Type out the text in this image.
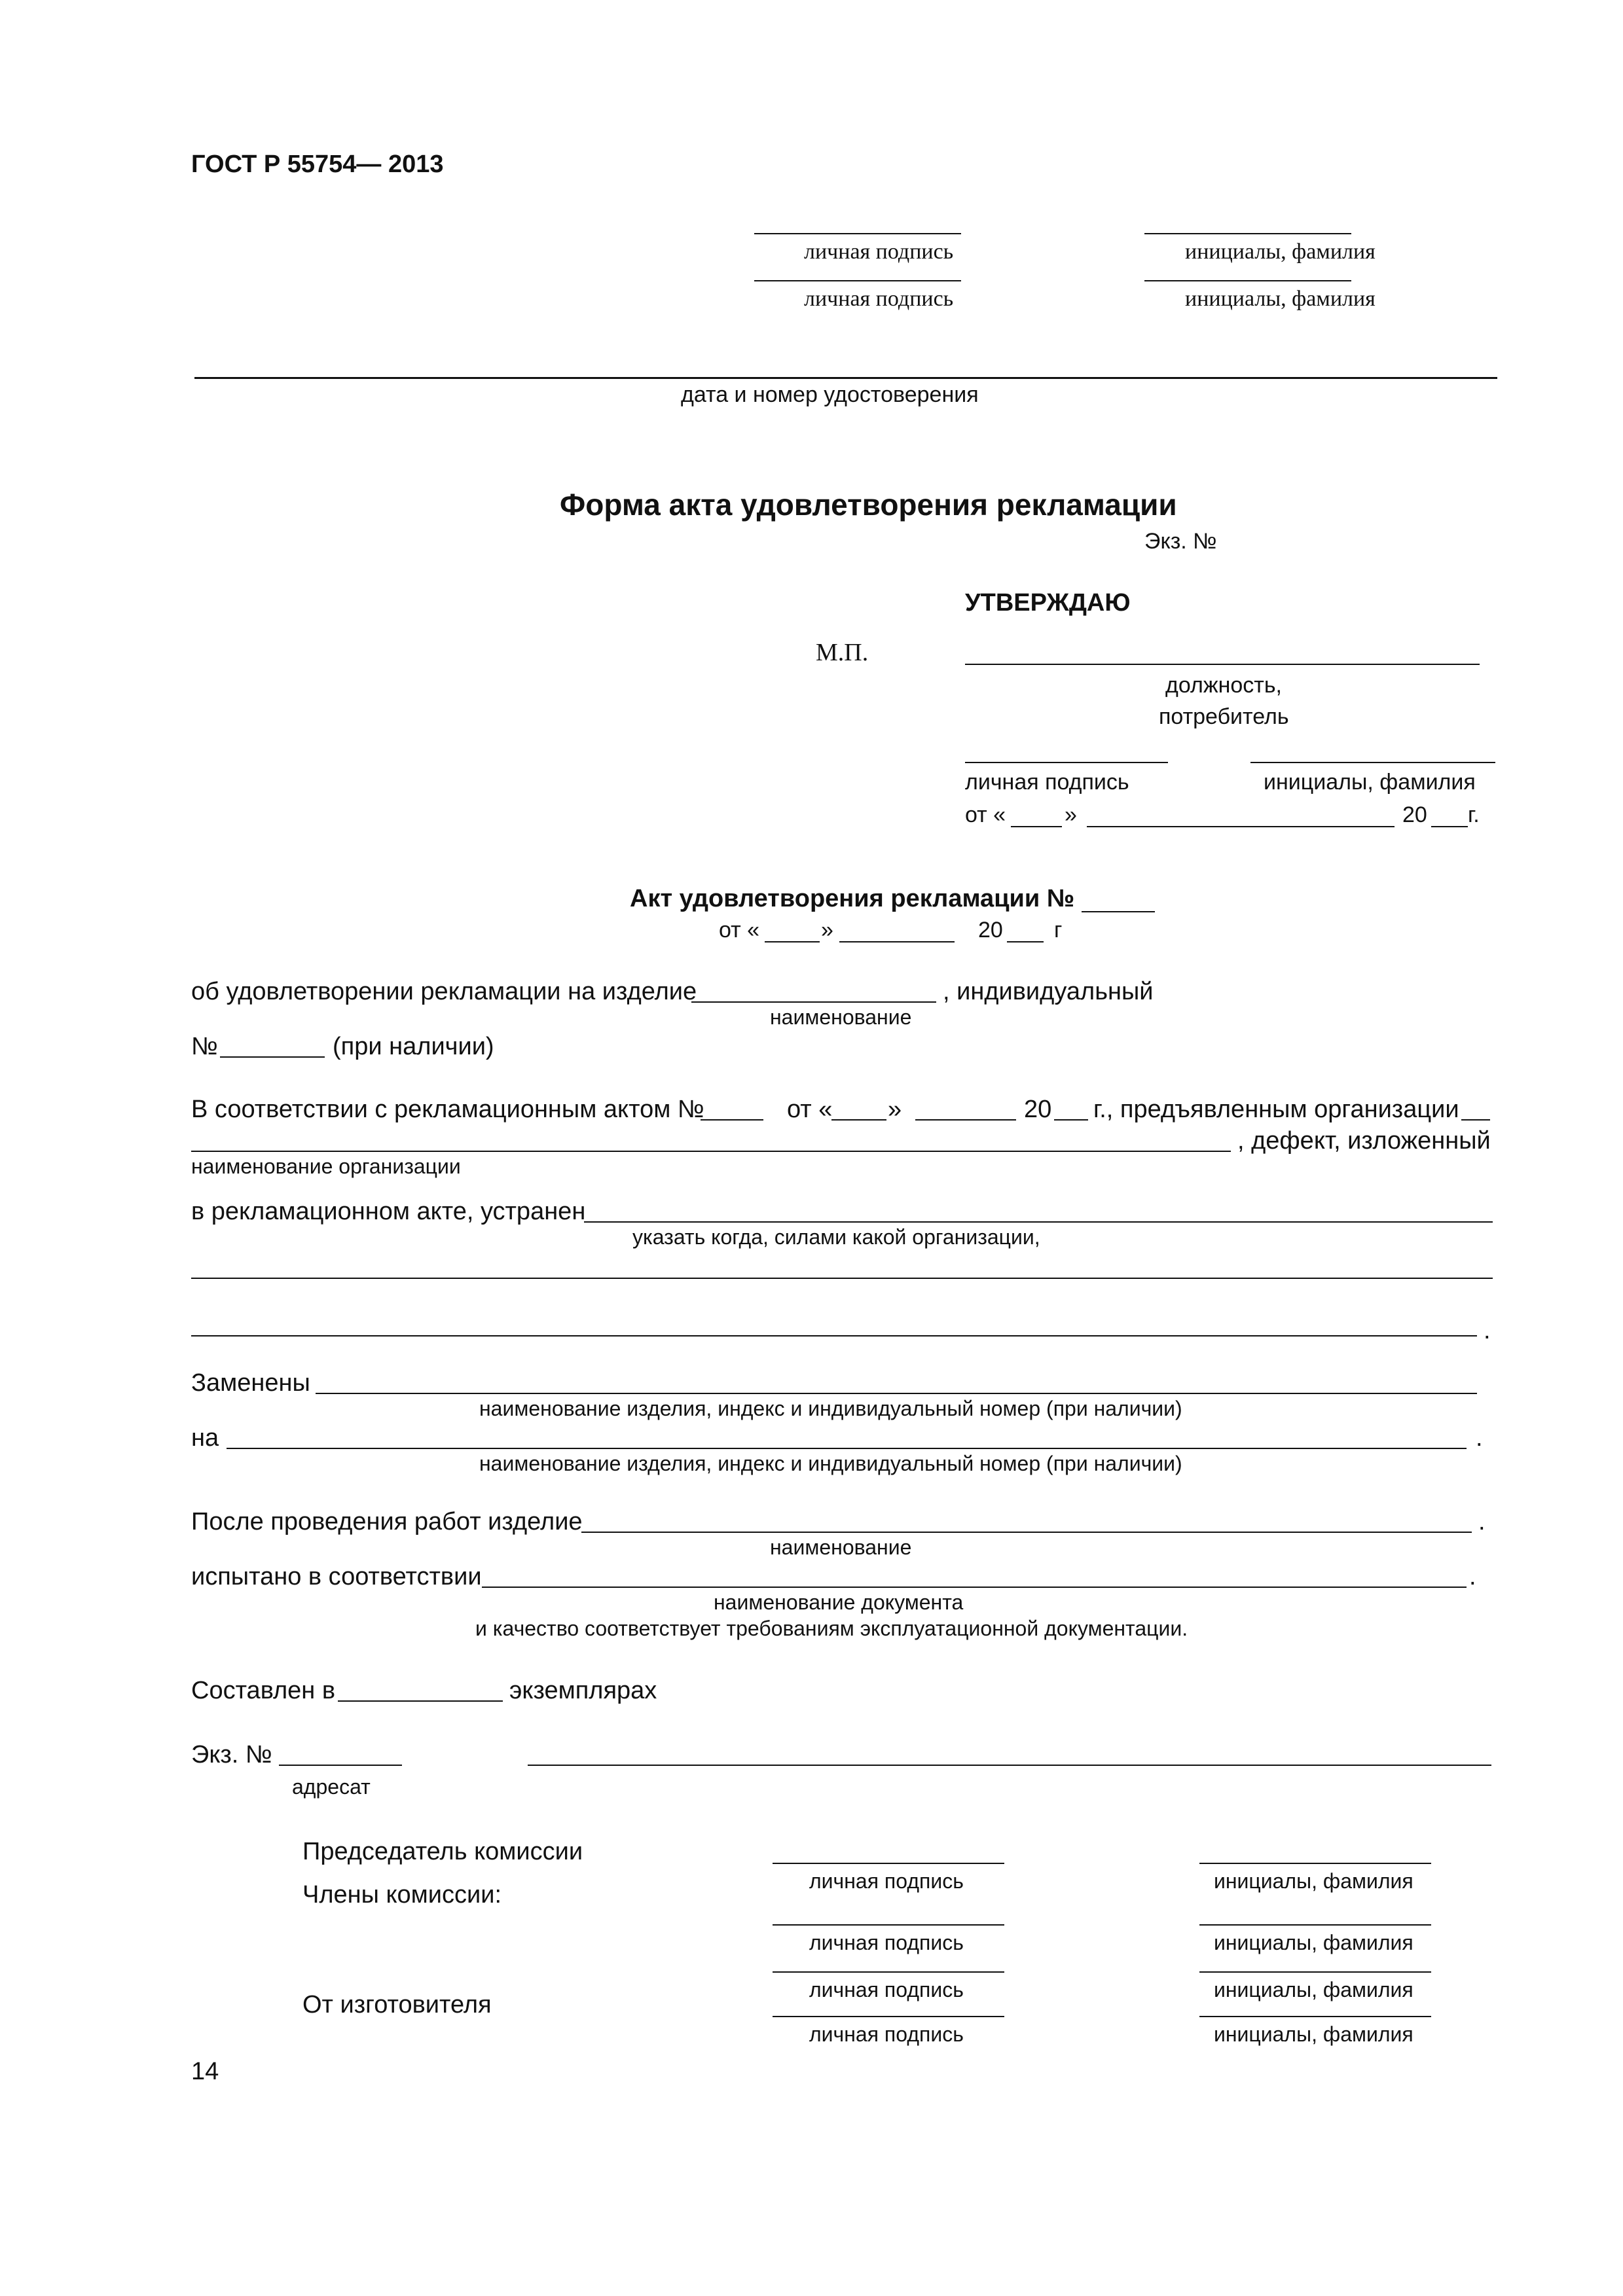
ГОСТ Р 55754— 2013
личная подпись	инициалы, фамилия
личная подпись	инициалы, фамилия
дата и номер удостоверения
Форма акта удовлетворения рекламации
Экз. №
УТВЕРЖДАЮ
М.П.
должность,
потребитель
личная подпись	инициалы, фамилия
от «	»	20 г.
Акт удовлетворения рекламации №
от «	»	20 г
об удовлетворении рекламации на изделие	, индивидуальный
наименование
№	(при наличии)
В соответствии с рекламационным актом №	от « »	20 г., предъявленным организации
, дефект, изложенный
наименование организации
в рекламационном акте, устранен
указать когда, силами какой организации,
.
Заменены
наименование изделия, индекс и индивидуальный номер (при наличии)
на	.
наименование изделия, индекс и индивидуальный номер (при наличии)
После проведения работ изделие	.
наименование
испытано в соответствии	.
наименование документа
и качество соответствует требованиям эксплуатационной документации.
Составлен в	экземплярах
Экз. №
адресат
Председатель комиссии
Члены комиссии:
От изготовителя
личная подпись	инициалы, фамилия
личная подпись	инициалы, фамилия
личная подпись	инициалы, фамилия
личная подпись	инициалы, фамилия
14
